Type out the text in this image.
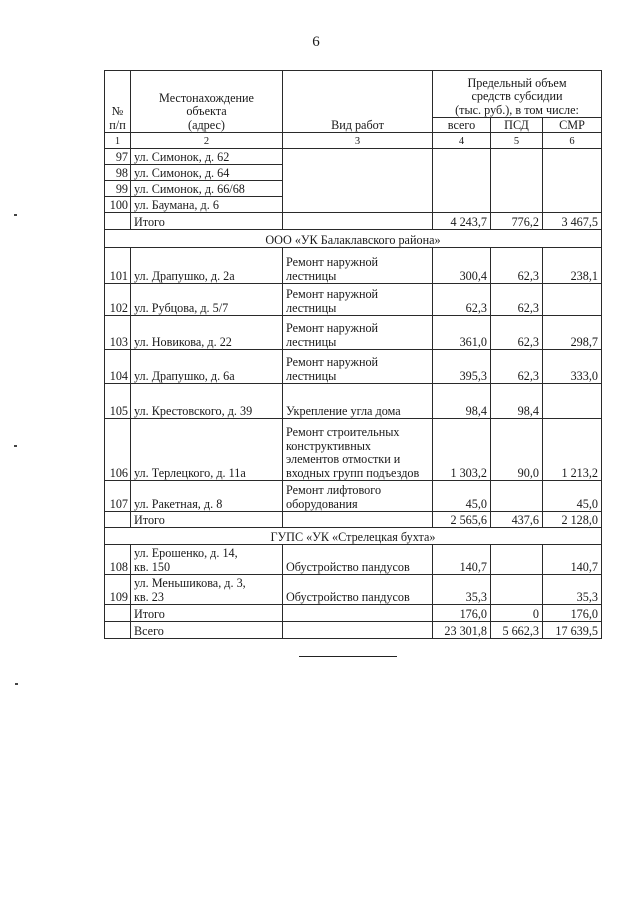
6
№
п/п	Местонахождение
объекта
(адрес)	Вид работ	Предельный объем
средств субсидии
(тыс. руб.), в том числе:		
			всего	ПСД	СМР
1	2	3	4	5	6
97	ул. Симонок, д. 62				
98	ул. Симонок, д. 64				
99	ул. Симонок, д. 66/68				
100	ул. Баумана, д. 6				
	Итого		4 243,7	776,2	3 467,5
ООО «УК Балаклавского района»					
101	ул. Драпушко, д. 2а	Ремонт наружной
лестницы	300,4	62,3	238,1
102	ул. Рубцова, д. 5/7	Ремонт наружной
лестницы	62,3	62,3	
103	ул. Новикова, д. 22	Ремонт наружной
лестницы	361,0	62,3	298,7
104	ул. Драпушко, д. 6а	Ремонт наружной
лестницы	395,3	62,3	333,0
105	ул. Крестовского, д. 39	Укрепление угла дома	98,4	98,4	
106	ул. Терлецкого, д. 11а	Ремонт строительных
конструктивных
элементов отмостки и
входных групп подъездов	1 303,2	90,0	1 213,2
107	ул. Ракетная, д. 8	Ремонт лифтового
оборудования	45,0		45,0
	Итого		2 565,6	437,6	2 128,0
ГУПС «УК «Стрелецкая бухта»					
108	ул. Ерошенко, д. 14,
кв. 150	Обустройство пандусов	140,7		140,7
109	ул. Меньшикова, д. 3,
кв. 23	Обустройство пандусов	35,3		35,3
	Итого		176,0	0	176,0
	Всего		23 301,8	5 662,3	17 639,5
